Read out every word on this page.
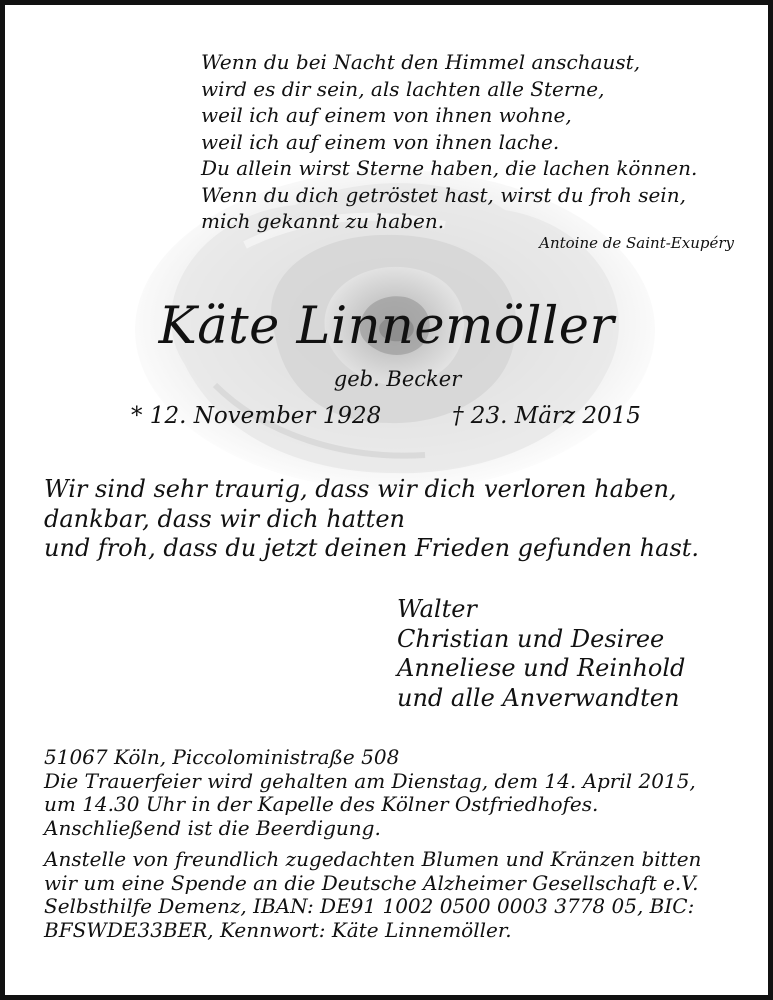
Wenn du bei Nacht den Himmel anschaust,
wird es dir sein, als lachten alle Sterne,
weil ich auf einem von ihnen wohne,
weil ich auf einem von ihnen lache.
Du allein wirst Sterne haben, die lachen können.
Wenn du dich getröstet hast, wirst du froh sein,
mich gekannt zu haben.
Antoine de Saint-Exupéry
Käte Linnemöller
geb. Becker
* 12. November 1928	† 23. März 2015
Wir sind sehr traurig, dass wir dich verloren haben,
dankbar, dass wir dich hatten
und froh, dass du jetzt deinen Frieden gefunden hast.
Walter
Christian und Desiree
Anneliese und Reinhold
und alle Anverwandten
51067 Köln, Piccoloministraße 508
Die Trauerfeier wird gehalten am Dienstag, dem 14. April 2015,
um 14.30 Uhr in der Kapelle des Kölner Ostfriedhofes.
Anschließend ist die Beerdigung.
Anstelle von freundlich zugedachten Blumen und Kränzen bitten
wir um eine Spende an die Deutsche Alzheimer Gesellschaft e.V.
Selbsthilfe Demenz, IBAN: DE91 1002 0500 0003 3778 05, BIC:
BFSWDE33BER, Kennwort: Käte Linnemöller.
